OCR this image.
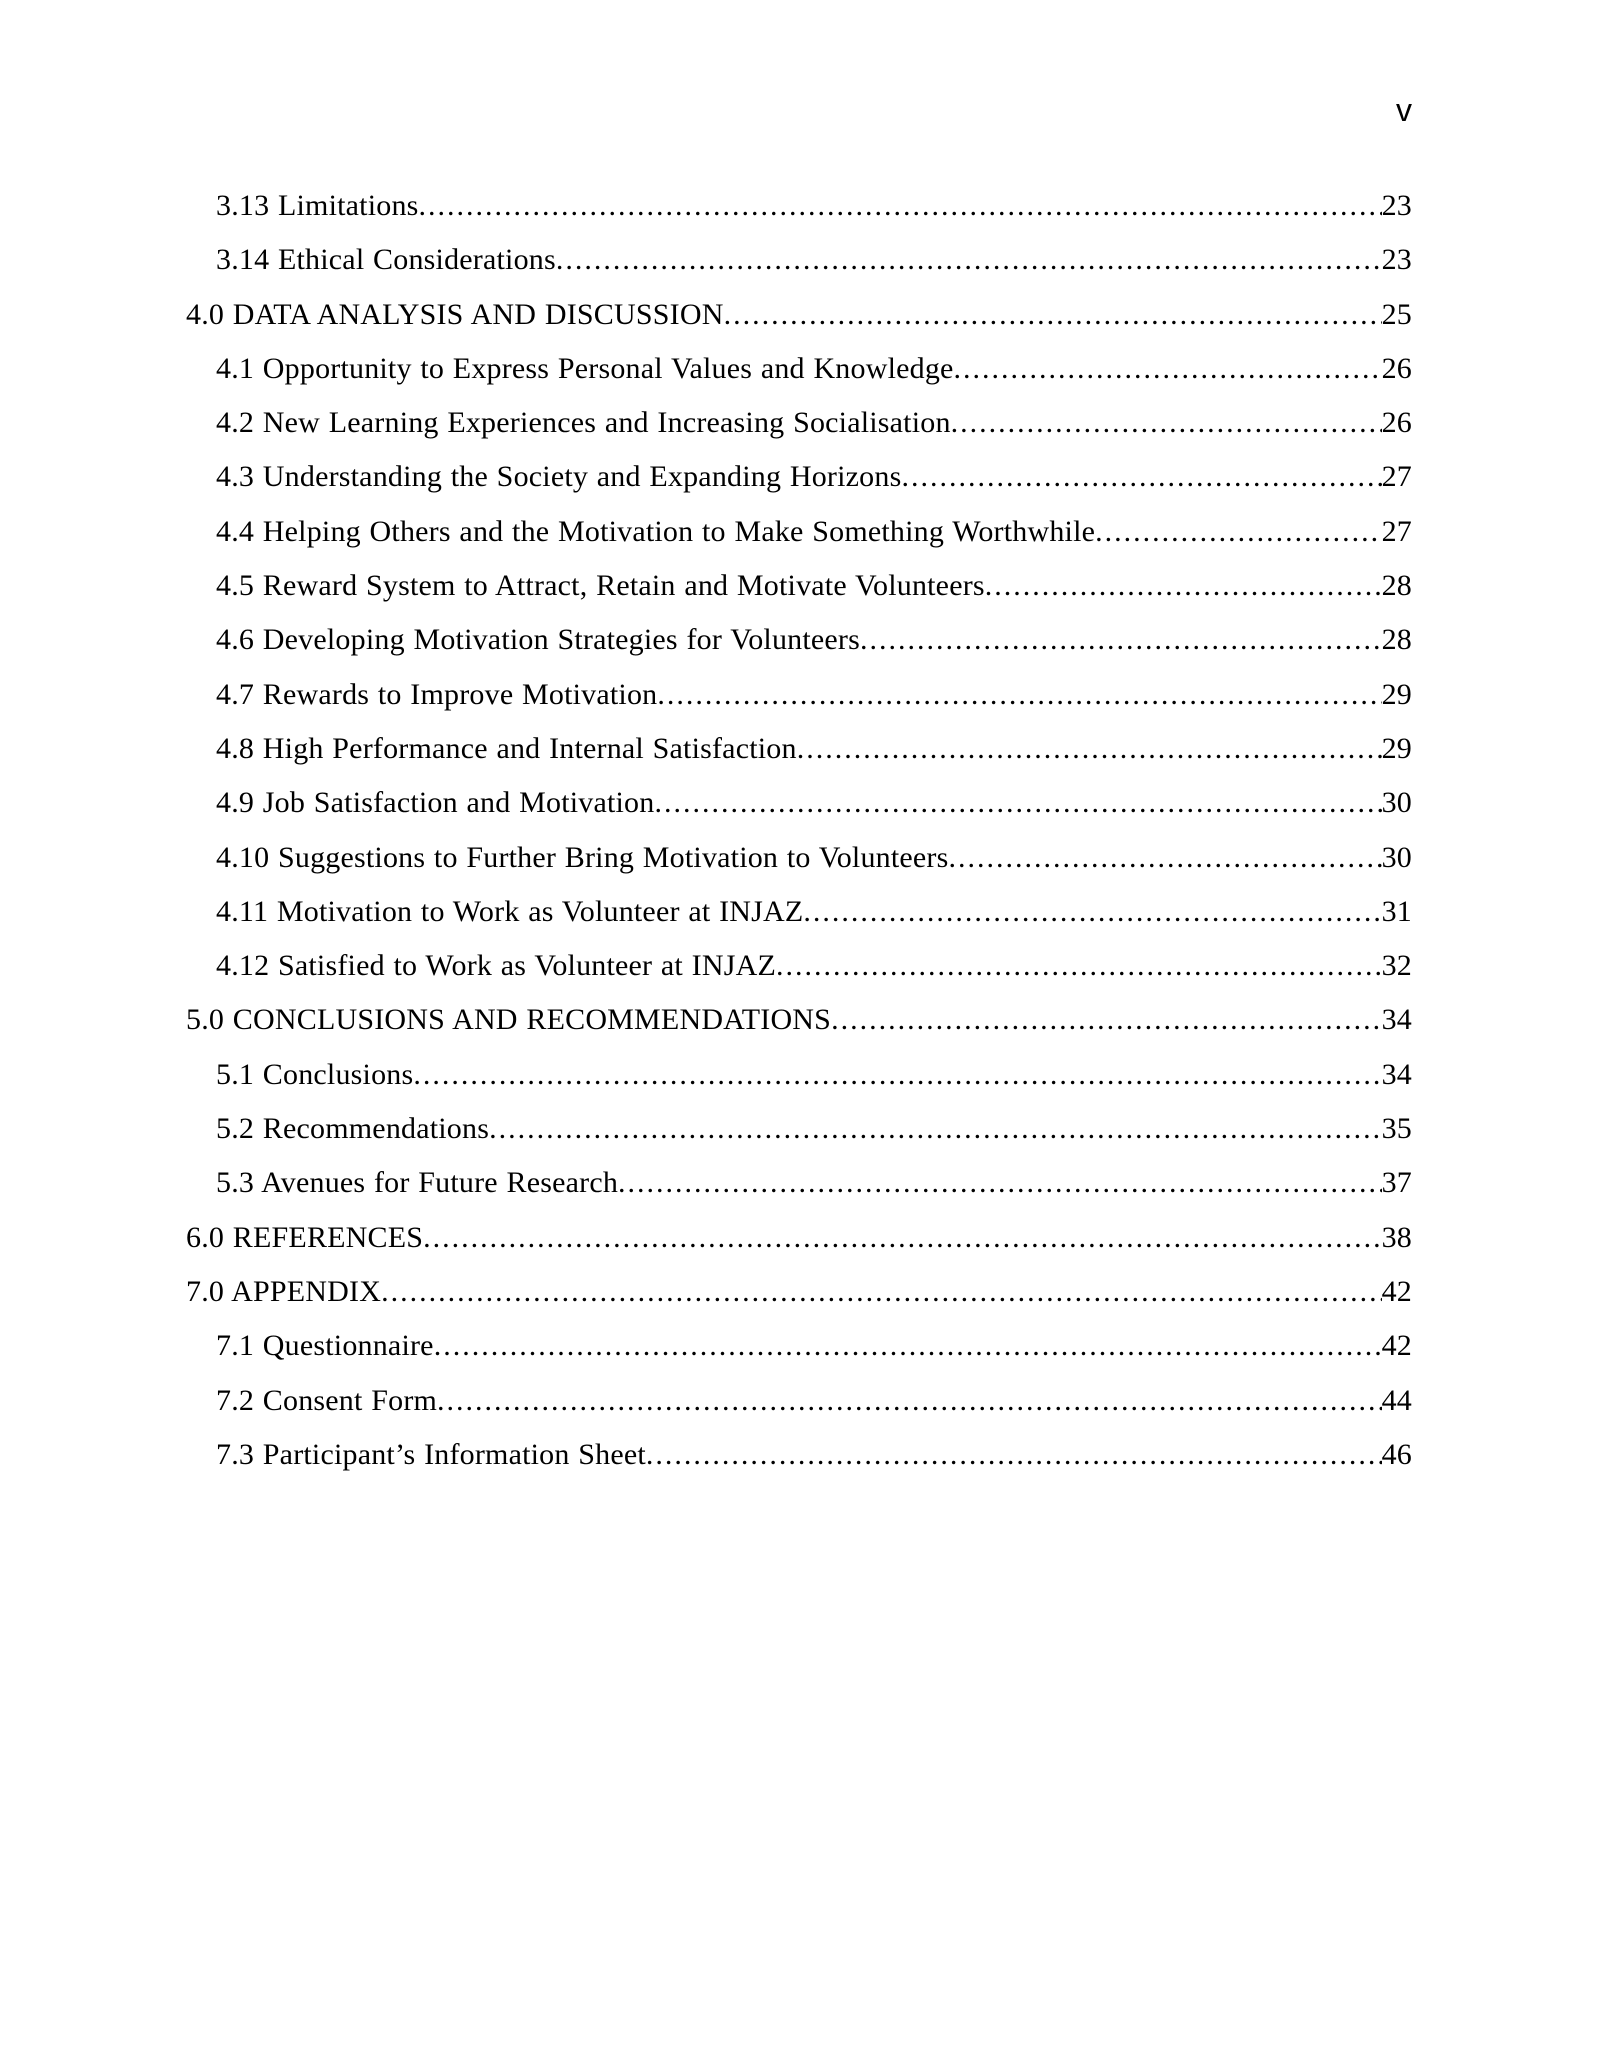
v
3.13 Limitations .....	23
3.14 Ethical Considerations .....	23
4.0 DATA ANALYSIS AND DISCUSSION .....	25
4.1 Opportunity to Express Personal Values and Knowledge .....	26
4.2 New Learning Experiences and Increasing Socialisation .....	26
4.3 Understanding the Society and Expanding Horizons .....	27
4.4 Helping Others and the Motivation to Make Something Worthwhile .....	27
4.5 Reward System to Attract, Retain and Motivate Volunteers .....	28
4.6 Developing Motivation Strategies for Volunteers .....	28
4.7 Rewards to Improve Motivation .....	29
4.8 High Performance and Internal Satisfaction .....	29
4.9 Job Satisfaction and Motivation .....	30
4.10 Suggestions to Further Bring Motivation to Volunteers .....	30
4.11 Motivation to Work as Volunteer at INJAZ .....	31
4.12 Satisfied to Work as Volunteer at INJAZ .....	32
5.0 CONCLUSIONS AND RECOMMENDATIONS .....	34
5.1 Conclusions .....	34
5.2 Recommendations .....	35
5.3 Avenues for Future Research .....	37
6.0 REFERENCES .....	38
7.0 APPENDIX .....	42
7.1 Questionnaire .....	42
7.2 Consent Form .....	44
7.3 Participant’s Information Sheet .....	46
